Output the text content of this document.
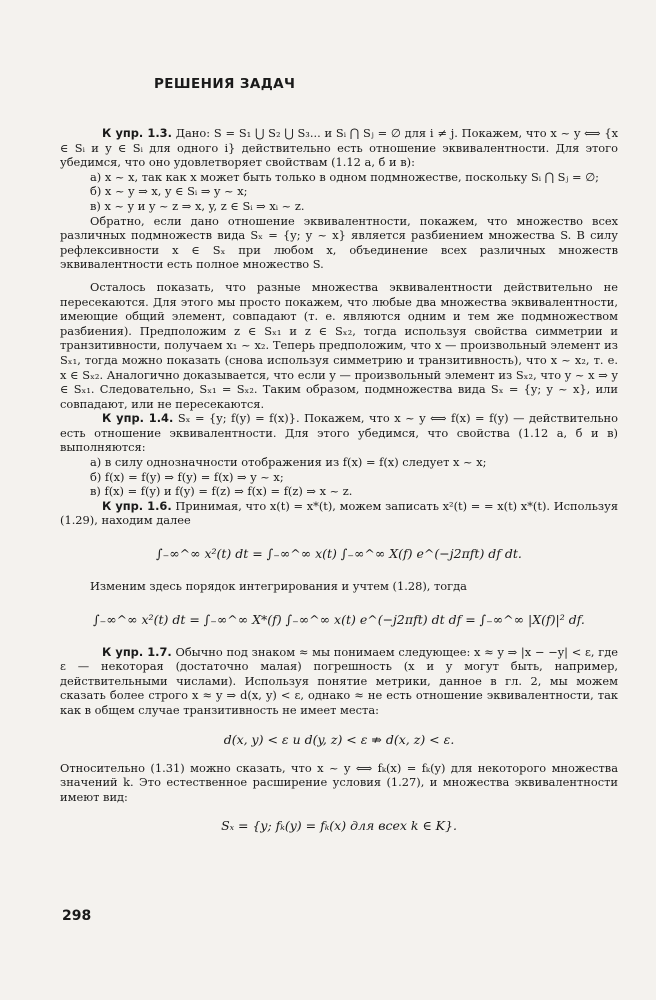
РЕШЕНИЯ ЗАДАЧ

К упр. 1.3. Дано: S = S₁ ⋃ S₂ ⋃ S₃... и Sᵢ ⋂ Sⱼ = ∅ для i ≠ j. Покажем, что x ~ y ⟺ {x ∈ Sᵢ и y ∈ Sᵢ для одного i} действительно есть отношение эквивалентности. Для этого убедимся, что оно удовлетворяет свойствам (1.12 а, б и в):

а) x ~ x, так как x может быть только в одном подмножестве, поскольку Sᵢ ⋂ Sⱼ = ∅;

б) x ~ y ⇒ x, y ∈ Sᵢ ⇒ y ~ x;

в) x ~ y и y ~ z ⇒ x, y, z ∈ Sᵢ ⇒ xᵢ ~ z.

Обратно, если дано отношение эквивалентности, покажем, что множество всех различных подмножеств вида Sₓ = {y; y ~ x} является разбиением множества S. В силу рефлексивности x ∈ Sₓ при любом x, объединение всех различных множеств эквивалентности есть полное множество S.

Осталось показать, что разные множества эквивалентности действительно не пересекаются. Для этого мы просто покажем, что любые два множества эквивалентности, имеющие общий элемент, совпадают (т. е. являются одним и тем же подмножеством разбиения). Предположим z ∈ Sₓ₁ и z ∈ Sₓ₂, тогда используя свойства симметрии и транзитивности, получаем x₁ ~ x₂. Теперь предположим, что x — произвольный элемент из Sₓ₁, тогда можно показать (снова используя симметрию и транзитивность), что x ~ x₂, т. е. x ∈ Sₓ₂. Аналогично доказывается, что если y — произвольный элемент из Sₓ₂, что y ~ x ⇒ y ∈ Sₓ₁. Следовательно, Sₓ₁ = Sₓ₂. Таким образом, подмножества вида Sₓ = {y; y ~ x}, или совпадают, или не пересекаются.

К упр. 1.4. Sₓ = {y; f(y) = f(x)}. Покажем, что x ~ y ⟺ f(x) = f(y) — действительно есть отношение эквивалентности. Для этого убедимся, что свойства (1.12 а, б и в) выполняются:

а) в силу однозначности отображения из f(x) = f(x) следует x ~ x;

б) f(x) = f(y) ⇒ f(y) = f(x) ⇒ y ~ x;

в) f(x) = f(y) и f(y) = f(z) ⇒ f(x) = f(z) ⇒ x ~ z.

К упр. 1.6. Принимая, что x(t) = x*(t), можем записать x²(t) = = x(t) x*(t). Используя (1.29), находим далее

∫₋∞^∞ x²(t) dt = ∫₋∞^∞ x(t) ∫₋∞^∞ X(f) e^(−j2πft) df dt.

Изменим здесь порядок интегрирования и учтем (1.28), тогда

∫₋∞^∞ x²(t) dt = ∫₋∞^∞ X*(f) ∫₋∞^∞ x(t) e^(−j2πft) dt df = ∫₋∞^∞ |X(f)|² df.

К упр. 1.7. Обычно под знаком ≈ мы понимаем следующее: x ≈ y ⇒ |x − −y| < ε, где ε — некоторая (достаточно малая) погрешность (x и y могут быть, например, действительными числами). Используя понятие метрики, данное в гл. 2, мы можем сказать более строго x ≈ y ⇒ d(x, y) < ε, однако ≈ не есть отношение эквивалентности, так как в общем случае транзитивность не имеет места:

d(x, y) < ε и d(y, z) < ε ⇏ d(x, z) < ε.

Относительно (1.31) можно сказать, что x ~ y ⟺ fₖ(x) = fₖ(y) для некоторого множества значений k. Это естественное расширение условия (1.27), и множества эквивалентности имеют вид:

Sₓ = {y; fₖ(y) = fₖ(x) для всех k ∈ K}.
298
